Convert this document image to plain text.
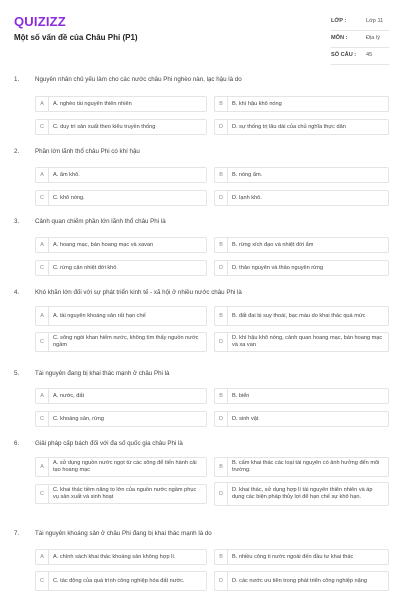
QUIZIZZ
Một số vấn đề của Châu Phi (P1)
LỚP :	Lớp 11
MÔN :	Địa lý
SỐ CÂU : 45
1.	Nguyên nhân chủ yếu làm cho các nước châu Phi nghèo nàn, lạc hậu là do
A	A. nghèo tài nguyên thiên nhiên	B	B. khí hậu khô nóng
C	C. duy trì sản xuất theo kiểu truyền thống	D	D. sự thống trị lâu dài của chủ nghĩa thực dân
2.	Phần lớn lãnh thổ châu Phi có khí hậu
A	A. ẩm khô.	B	B. nóng ẩm.
C	C. khô nóng.	D	D. lạnh khô.
3.	Cảnh quan chiếm phần lớn lãnh thổ châu Phi là
A	A. hoang mạc, bán hoang mạc và xavan	B	B. rừng xích đạo và nhiệt đới ẩm
C	C. rừng cận nhiệt đới khô	D	D. thảo nguyên và thảo nguyên rừng
4.	Khó khăn lớn đối với sự phát triển kinh tế - xã hội ở nhiều nước châu Phi là
A	A. tài nguyên khoáng sản rất hạn chế	B	B. đất đai bị suy thoái, bạc màu do khai thác quá mức
C
C. sông ngòi khan hiếm nước, không tìm thấy nguồn nước ngầm	D
D. khí hậu khô nóng, cảnh quan hoang mạc, bán hoang mạc và xa van
5.	Tài nguyên đang bị khai thác mạnh ở châu Phi là
A	A. nước, đất	B	B. biển
C	C. khoáng sản, rừng	D	D. sinh vật
6.	Giải pháp cấp bách đối với đa số quốc gia châu Phi là
A
A. sử dụng nguồn nước ngọt từ các sông để tiến hành cải tạo hoang mạc	B
B. cấm khai thác các loại tài nguyên có ảnh hưởng đến môi trường.
C
C. khai thác tiềm năng to lớn của nguồn nước ngầm phục vụ sản xuất và sinh hoạt	D
D. khai thác, sử dụng hợp lí tài nguyên thiên nhiên và áp dụng các biện pháp thủy lợi để hạn chế sự khô hạn.
7.	Tài nguyên khoáng sản ở châu Phi đang bị khai thác mạnh là do
A	A. chính sách khai thác khoáng sản không hợp lí.	B	B. nhiều công ti nước ngoài đến đầu tư khai thác
C	C. tác động của quá trình công nghiệp hóa đất nước.	D	D. các nước ưu tiên trong phát triển công nghiệp nặng
